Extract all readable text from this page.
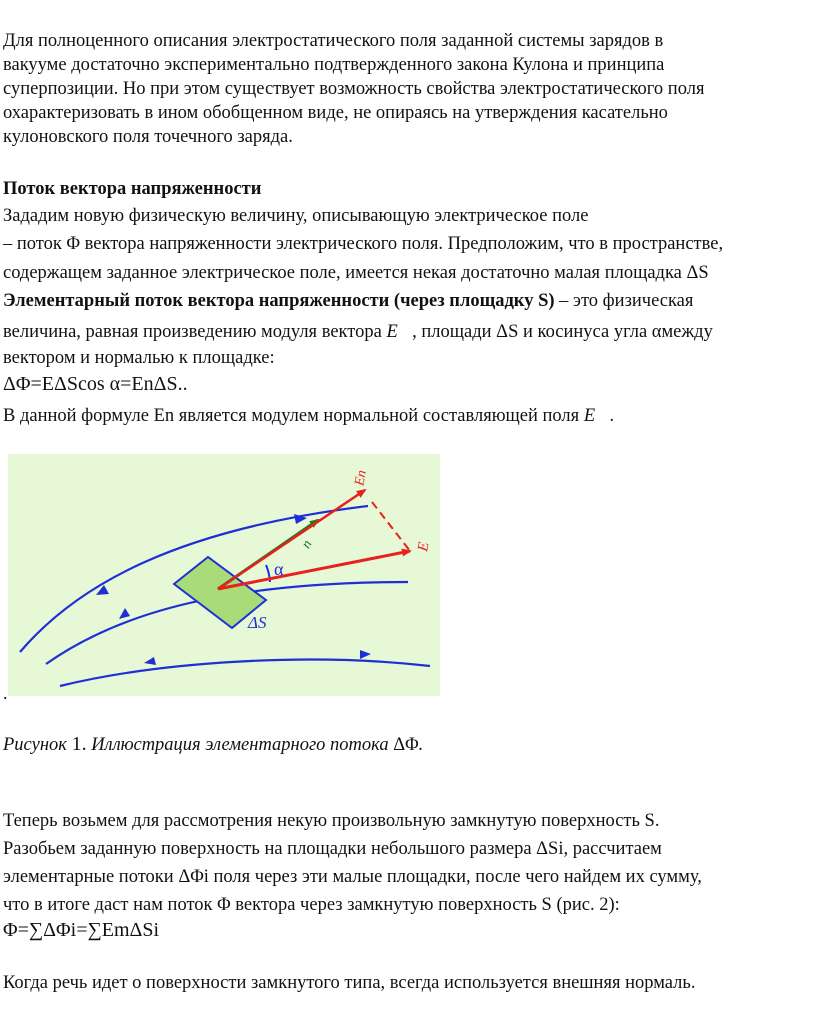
Для полноценного описания электростатического поля заданной системы зарядов в
вакууме достаточно экспериментально подтвержденного закона Кулона и принципа
суперпозиции. Но при этом существует возможность свойства электростатического поля
охарактеризовать в ином обобщенном виде, не опираясь на утверждения касательно
кулоновского поля точечного заряда.
Поток вектора напряженности
Зададим новую физическую величину, описывающую электрическое поле
– поток Φ вектора напряженности электрического поля. Предположим, что в пространстве,
содержащем заданное электрическое поле, имеется некая достаточно малая площадка ΔS
Элементарный поток вектора напряженности (через площадку S) – это физическая
величина, равная произведению модуля вектора E⃗, площади ΔS и косинуса угла αмежду
вектором и нормалью к площадке:
ΔΦ=EΔScos α=EnΔS..
В данной формуле En является модулем нормальной составляющей поля E⃗.
En
n	E
α
ΔS
.
Рисунок 1. Иллюстрация элементарного потока ΔΦ.
Теперь возьмем для рассмотрения некую произвольную замкнутую поверхность S.
Разобьем заданную поверхность на площадки небольшого размера ΔSi, рассчитаем
элементарные потоки ΔΦi поля через эти малые площадки, после чего найдем их сумму,
что в итоге даст нам поток Φ вектора через замкнутую поверхность S (рис. 2):
Φ=∑ΔΦi=∑EmΔSi
Когда речь идет о поверхности замкнутого типа, всегда используется внешняя нормаль.
